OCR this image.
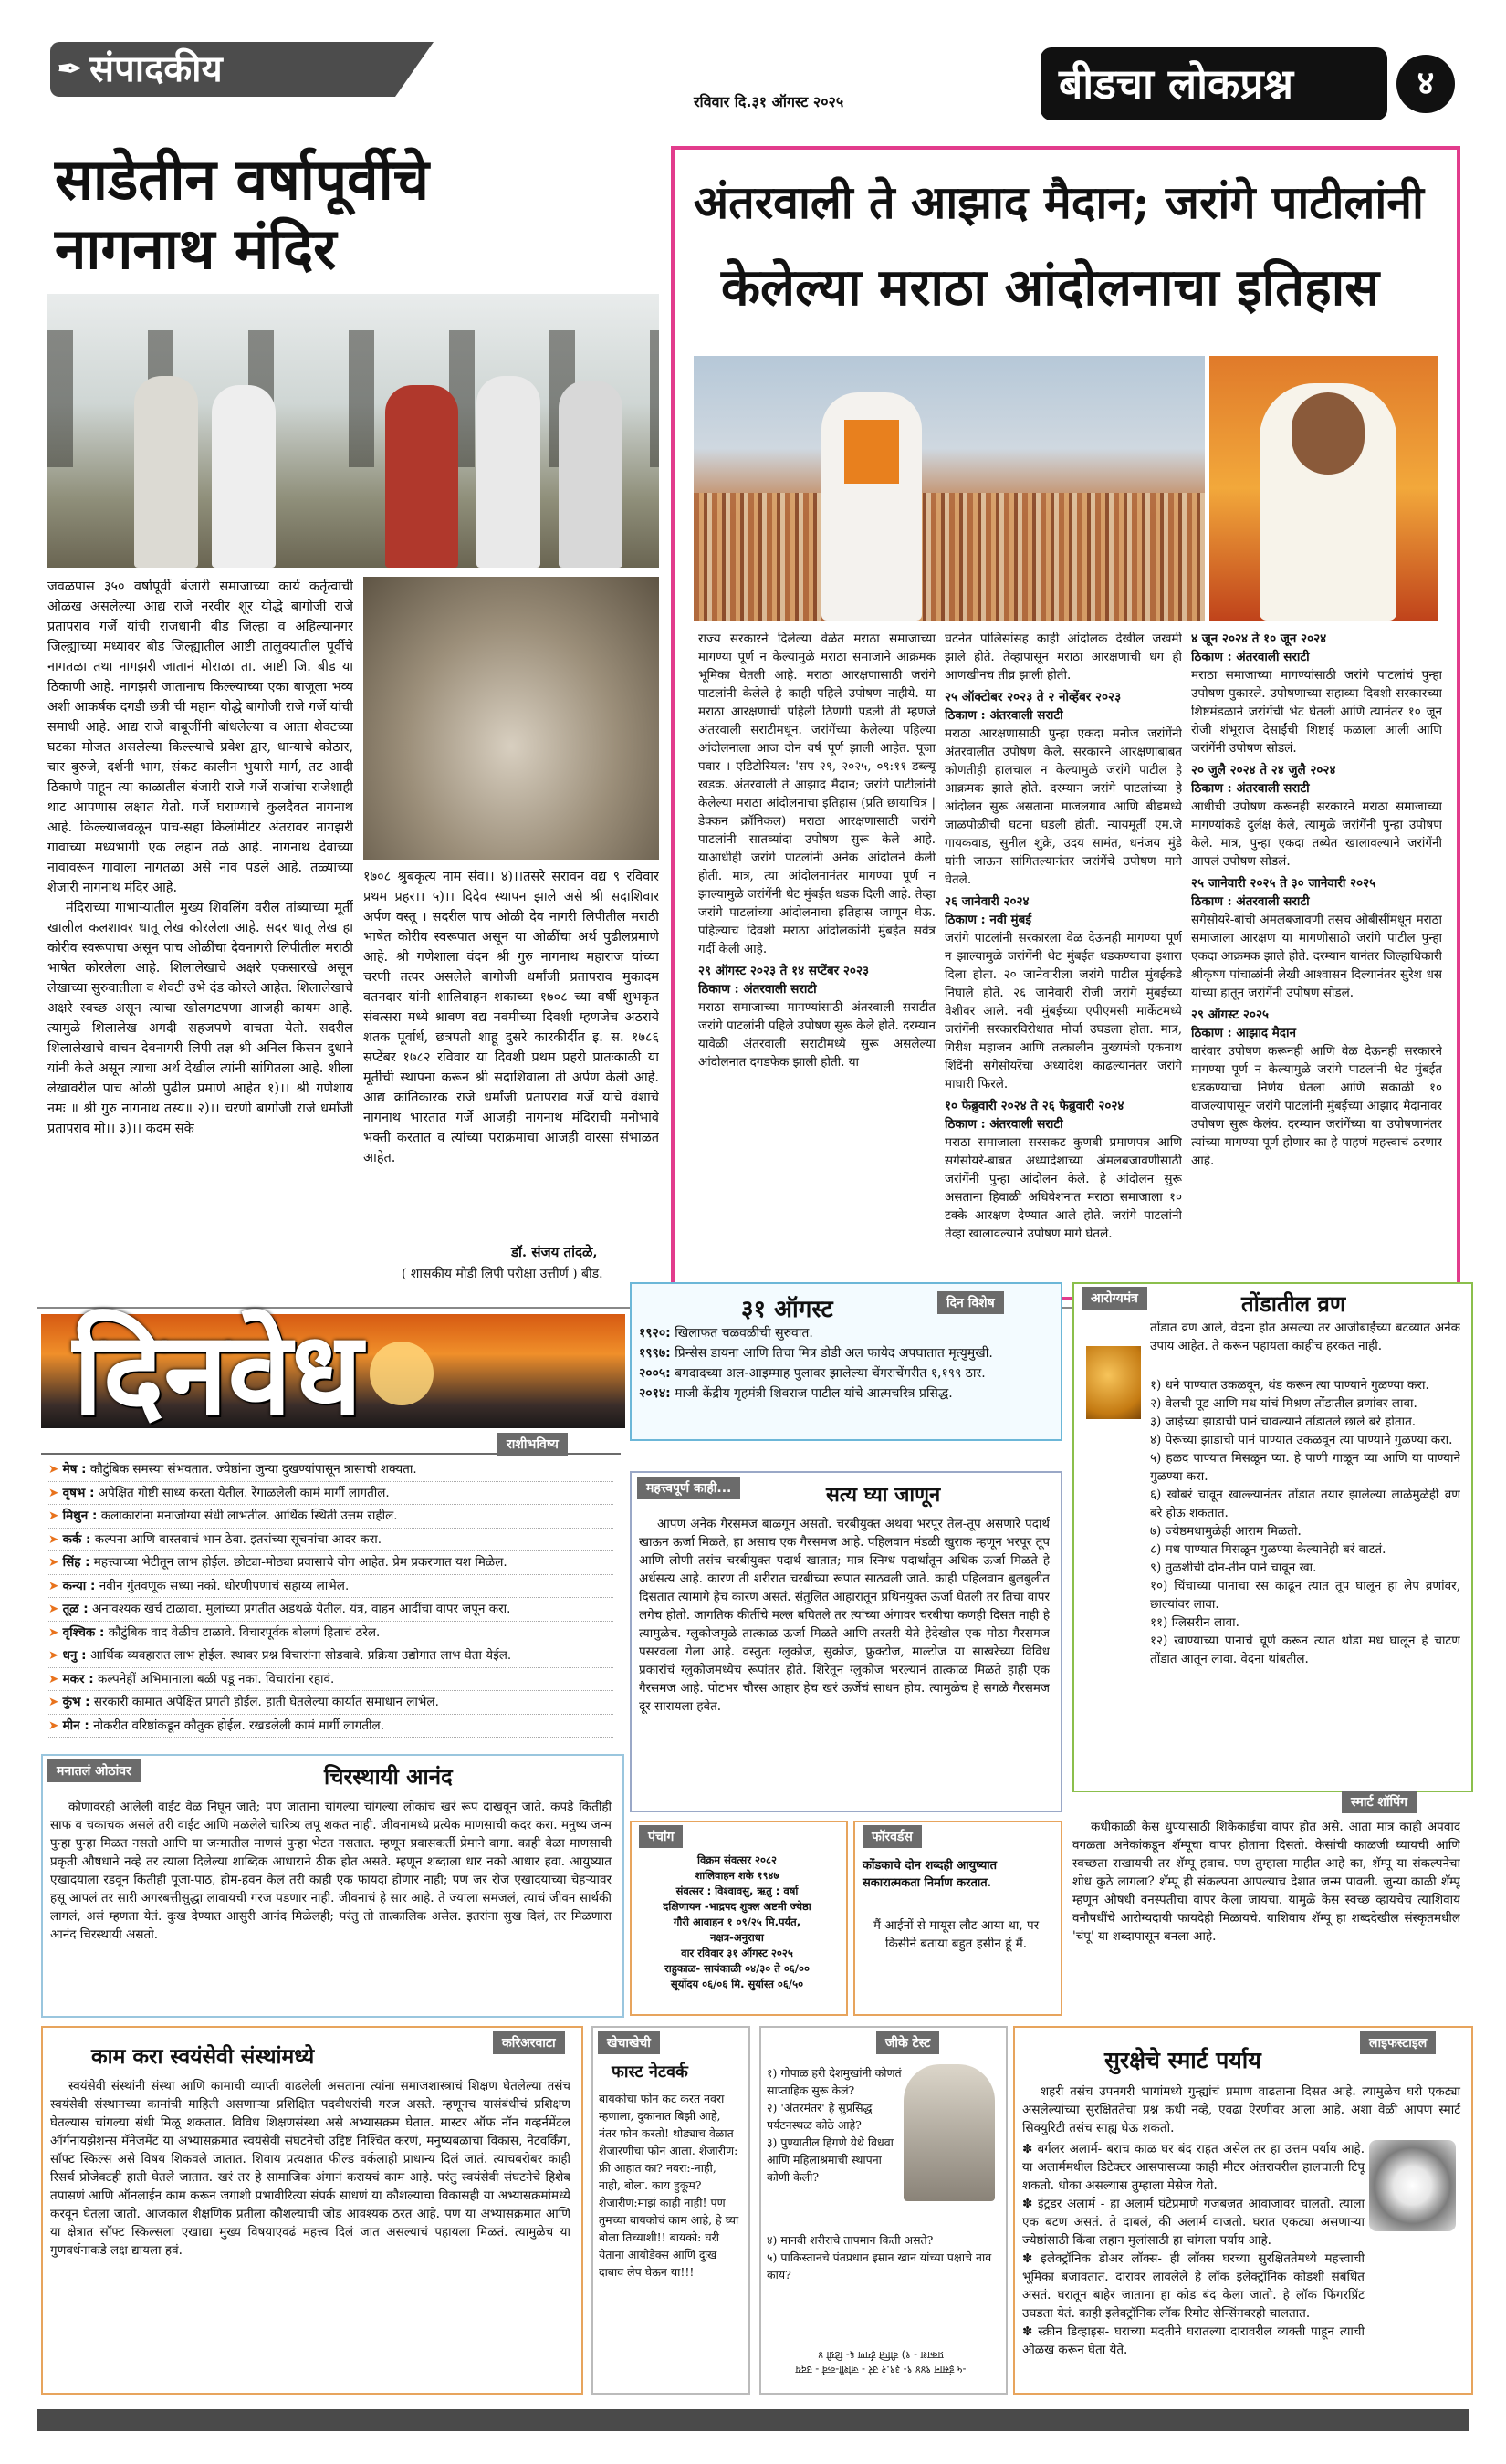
✒ संपादकीय
रविवार दि.३१ ऑगस्ट २०२५	बीडचा लोकप्रश्न	४
साडेतीन वर्षापूर्वीचे
नागनाथ मंदिर

जवळपास ३५० वर्षापूर्वी बंजारी समाजाच्या कार्य कर्तृत्वाची ओळख असलेल्या आद्य राजे नरवीर शूर योद्धे बागोजी राजे प्रतापराव गर्जे यांची राजधानी बीड जिल्हा व अहिल्यानगर जिल्ह्याच्या मध्यावर बीड जिल्ह्यातील आष्टी तालुक्यातील पूर्वीचे नागतळा तथा नागझरी जातानं मोराळा ता. आष्टी जि. बीड या ठिकाणी आहे. नागझरी जातानाच किल्ल्याच्या एका बाजूला भव्य अशी आकर्षक दगडी छत्री ची महान योद्धे बागोजी राजे गर्जे यांची समाधी आहे. आद्य राजे बाबूजींनी बांधलेल्या व आता शेवटच्या घटका मोजत असलेल्या किल्ल्याचे प्रवेश द्वार, धान्याचे कोठार, चार बुरुजे, दर्शनी भाग, संकट कालीन भुयारी मार्ग, तट आदी ठिकाणे पाहून त्या काळातील बंजारी राजे गर्जे राजांचा राजेशाही थाट आपणास लक्षात येतो. गर्जे घराण्याचे कुलदैवत नागनाथ आहे. किल्ल्याजवळून पाच-सहा किलोमीटर अंतरावर नागझरी गावाच्या मध्यभागी एक लहान तळे आहे. नागनाथ देवाच्या नावावरून गावाला नागतळा असे नाव पडले आहे. तळ्याच्या शेजारी नागनाथ मंदिर आहे.

मंदिराच्या गाभाऱ्यातील मुख्य शिवलिंग वरील तांब्याच्या मूर्ती खालील कलशावर धातू लेख कोरलेला आहे. सदर धातू लेख हा कोरीव स्वरूपाचा असून पाच ओळींचा देवनागरी लिपीतील मराठी भाषेत कोरलेला आहे. शिलालेखाचे अक्षरे एकसारखे असून लेखाच्या सुरुवातीला व शेवटी उभे दंड कोरले आहेत. शिलालेखाचे अक्षरे स्वच्छ असून त्याचा खोलगटपणा आजही कायम आहे. त्यामुळे शिलालेख अगदी सहजपणे वाचता येतो. सदरील शिलालेखाचे वाचन देवनागरी लिपी तज्ञ श्री अनिल किसन दुधाने यांनी केले असून त्याचा अर्थ देखील त्यांनी सांगितला आहे. शीला लेखावरील पाच ओळी पुढील प्रमाणे आहेत १)।। श्री गणेशाय नमः ॥ श्री गुरु नागनाथ तस्य॥ २)।। चरणी बागोजी राजे धर्मांजी प्रतापराव मो।। ३)।। कदम सके

१७०८ श्रुबकृत्य नाम संव।। ४)।।तसरे सरावन वद्य ९ रविवार प्रथम प्रहर।। ५)।। दिदेव स्थापन झाले असे श्री सदाशिवार अर्पण वस्तू । सदरील पाच ओळी देव नागरी लिपीतील मराठी भाषेत कोरीव स्वरूपात असून या ओळींचा अर्थ पुढीलप्रमाणे आहे. श्री गणेशाला वंदन श्री गुरु नागनाथ महाराज यांच्या चरणी तत्पर असलेले बागोजी धर्मांजी प्रतापराव मुकादम वतनदार यांनी शालिवाहन शकाच्या १७०८ च्या वर्षी शुभकृत संवत्सरा मध्ये श्रावण वद्य नवमीच्या दिवशी म्हणजेच अठराये शतक पूर्वार्ध, छत्रपती शाहू दुसरे कारकीर्दीत इ. स. १७८६ सप्टेंबर १७८२ रविवार या दिवशी प्रथम प्रहरी प्रातःकाळी या मूर्तीची स्थापना करून श्री सदाशिवाला ती अर्पण केली आहे. आद्य क्रांतिकारक राजे धर्मांजी प्रतापराव गर्जे यांचे वंशाचे नागनाथ भारतात गर्जे आजही नागनाथ मंदिराची मनोभावे भक्ती करतात व त्यांच्या पराक्रमाचा आजही वारसा संभाळत आहेत.

डॉ. संजय तांदळे,
( शासकीय मोडी लिपी परीक्षा उत्तीर्ण ) बीड.
अंतरवाली ते आझाद मैदान; जरांगे पाटीलांनी
केलेल्या मराठा आंदोलनाचा इतिहास

राज्य सरकारने दिलेल्या वेळेत मराठा समाजाच्या मागण्या पूर्ण न केल्यामुळे मराठा समाजाने आक्रमक भूमिका घेतली आहे. मराठा आरक्षणासाठी जरांगे पाटलांनी केलेले हे काही पहिले उपोषण नाहीये. या मराठा आरक्षणाची पहिली ठिणगी पडली ती म्हणजे अंतरवाली सराटीमधून. जरांगेंच्या केलेल्या पहिल्या आंदोलनाला आज दोन वर्षं पूर्ण झाली आहेत. पूजा पवार । एडिटोरियल: 'सप २९, २०२५, ०९:११ डब्ल्यू खडक. अंतरवाली ते आझाद मैदान; जरांगे पाटीलांनी केलेल्या मराठा आंदोलनाचा इतिहास (प्रति छायाचित्र | डेक्कन क्रॉनिकल) मराठा आरक्षणासाठी जरांगे पाटलांनी सातव्यांदा उपोषण सुरू केले आहे. याआधीही जरांगे पाटलांनी अनेक आंदोलने केली होती. मात्र, त्या आंदोलनानंतर मागण्या पूर्ण न झाल्यामुळे जरांगेंनी थेट मुंबईत धडक दिली आहे. तेव्हा जरांगे पाटलांच्या आंदोलनाचा इतिहास जाणून घेऊ. पहिल्याच दिवशी मराठा आंदोलकांनी मुंबईत सर्वत्र गर्दी केली आहे.

२९ ऑगस्ट २०२३ ते १४ सप्टेंबर २०२३

ठिकाण : अंतरवाली सराटी

मराठा समाजाच्या मागण्यांसाठी अंतरवाली सराटीत जरांगे पाटलांनी पहिले उपोषण सुरू केले होते. दरम्यान यावेळी अंतरवाली सराटीमध्ये सुरू असलेल्या आंदोलनात दगडफेक झाली होती. या

घटनेत पोलिसांसह काही आंदोलक देखील जखमी झाले होते. तेव्हापासून मराठा आरक्षणाची धग ही आणखीनच तीव्र झाली होती.

२५ ऑक्टोबर २०२३ ते २ नोव्हेंबर २०२३

ठिकाण : अंतरवाली सराटी

मराठा आरक्षणासाठी पुन्हा एकदा मनोज जरांगेंनी अंतरवालीत उपोषण केले. सरकारने आरक्षणाबाबत कोणतीही हालचाल न केल्यामुळे जरांगे पाटील हे आक्रमक झाले होते. दरम्यान जरांगे पाटलांच्या हे आंदोलन सुरू असताना माजलगाव आणि बीडमध्ये जाळपोळीची घटना घडली होती. न्यायमूर्ती एम.जे गायकवाड, सुनील शुक्रे, उदय सामंत, धनंजय मुंडे यांनी जाऊन सांगितल्यानंतर जरांगेंचे उपोषण मागे घेतले.

२६ जानेवारी २०२४

ठिकाण : नवी मुंबई

जरांगे पाटलांनी सरकारला वेळ देऊनही मागण्या पूर्ण न झाल्यामुळे जरांगेंनी थेट मुंबईत धडकण्याचा इशारा दिला होता. २० जानेवारीला जरांगे पाटील मुंबईकडे निघाले होते. २६ जानेवारी रोजी जरांगे मुंबईच्या वेशीवर आले. नवी मुंबईच्या एपीएमसी मार्केटमध्ये जरांगेंनी सरकारविरोधात मोर्चा उघडला होता. मात्र, गिरीश महाजन आणि तत्कालीन मुख्यमंत्री एकनाथ शिंदेंनी सगेसोयरेंचा अध्यादेश काढल्यानंतर जरांगे माघारी फिरले.

१० फेब्रुवारी २०२४ ते २६ फेब्रुवारी २०२४

ठिकाण : अंतरवाली सराटी

मराठा समाजाला सरसकट कुणबी प्रमाणपत्र आणि सगेसोयरे-बाबत अध्यादेशाच्या अंमलबजावणीसाठी जरांगेंनी पुन्हा आंदोलन केले. हे आंदोलन सुरू असताना हिवाळी अधिवेशनात मराठा समाजाला १० टक्के आरक्षण देण्यात आले होते. जरांगे पाटलांनी तेव्हा खालावल्याने उपोषण मागे घेतले.

४ जून २०२४ ते १० जून २०२४

ठिकाण : अंतरवाली सराटी

मराठा समाजाच्या मागण्यांसाठी जरांगे पाटलांचं पुन्हा उपोषण पुकारले. उपोषणाच्या सहाव्या दिवशी सरकारच्या शिष्टमंडळाने जरांगेंची भेट घेतली आणि त्यानंतर १० जून रोजी शंभूराज देसाईंची शिष्टाई फळाला आली आणि जरांगेंनी उपोषण सोडलं.

२० जुलै २०२४ ते २४ जुलै २०२४

ठिकाण : अंतरवाली सराटी

आधीची उपोषण करूनही सरकारने मराठा समाजाच्या मागण्यांकडे दुर्लक्ष केले, त्यामुळे जरांगेंनी पुन्हा उपोषण केले. मात्र, पुन्हा एकदा तब्येत खालावल्याने जरांगेंनी आपलं उपोषण सोडलं.

२५ जानेवारी २०२५ ते ३० जानेवारी २०२५

ठिकाण : अंतरवाली सराटी

सगेसोयरे-बांची अंमलबजावणी तसच ओबीसींमधून मराठा समाजाला आरक्षण या मागणीसाठी जरांगे पाटील पुन्हा एकदा आक्रमक झाले होते. दरम्यान यानंतर जिल्हाधिकारी श्रीकृष्ण पांचाळांनी लेखी आश्वासन दिल्यानंतर सुरेश धस यांच्या हातून जरांगेंनी उपोषण सोडलं.

२९ ऑगस्ट २०२५

ठिकाण : आझाद मैदान

वारंवार उपोषण करूनही आणि वेळ देऊनही सरकारने मागण्या पूर्ण न केल्यामुळे जरांगे पाटलांनी थेट मुंबईत धडकण्याचा निर्णय घेतला आणि सकाळी १० वाजल्यापासून जरांगे पाटलांनी मुंबईच्या आझाद मैदानावर उपोषण सुरू केलंय. दरम्यान जरांगेंच्या या उपोषणानंतर त्यांच्या मागण्या पूर्ण होणार का हे पाहणं महत्त्वाचं ठरणार आहे.

दिनवेध	३१ ऑगस्ट	दिन विशेष
१९२०: खिलाफत चळवळीची सुरुवात.
१९९७: प्रिन्सेस डायना आणि तिचा मित्र डोडी अल फायेद अपघातात मृत्युमुखी.
२००५: बगदादच्या अल-आइम्माह पुलावर झालेल्या चेंगराचेंगरीत १,१९९ ठार.
२०१४: माजी केंद्रीय गृहमंत्री शिवराज पाटील यांचे आत्मचरित्र प्रसिद्ध.
आरोग्यमंत्र	तोंडातील व्रण
तोंडात व्रण आले, वेदना होत असल्या तर आजीबाईंच्या बटव्यात अनेक उपाय आहेत. ते करून पहायला काहीच हरकत नाही.

१) धने पाण्यात उकळवून, थंड करून त्या पाण्याने गुळण्या करा.

२) वेलची पूड आणि मध यांचं मिश्रण तोंडातील व्रणांवर लावा.

३) जाईच्या झाडाची पानं चावल्याने तोंडातले छाले बरे होतात.

४) पेरूच्या झाडाची पानं पाण्यात उकळवून त्या पाण्याने गुळण्या करा.

५) हळद पाण्यात मिसळून प्या. हे पाणी गाळून प्या आणि या पाण्याने गुळण्या करा.

६) खोबरं चावून खाल्ल्यानंतर तोंडात तयार झालेल्या लाळेमुळेही व्रण बरे होऊ शकतात.

७) ज्येष्ठमधामुळेही आराम मिळतो.

८) मध पाण्यात मिसळून गुळण्या केल्यानेही बरं वाटतं.

९) तुळशीची दोन-तीन पाने चावून खा.

१०) चिंचाच्या पानाचा रस काढून त्यात तूप घालून हा लेप व्रणांवर, छाल्यांवर लावा.

११) ग्लिसरीन लावा.

१२) खाण्याच्या पानाचे चूर्ण करून त्यात थोडा मध घालून हे चाटण तोंडात आतून लावा. वेदना थांबतील.

राशीभविष्य
➤ मेष : कौटुंबिक समस्या संभवतात. ज्येष्ठांना जुन्या दुखण्यांपासून त्रासाची शक्यता.
➤ वृषभ : अपेक्षित गोष्टी साध्य करता येतील. रेंगाळलेली कामं मार्गी लागतील.
➤ मिथुन : कलाकारांना मनाजोग्या संधी लाभतील. आर्थिक स्थिती उत्तम राहील.
➤ कर्क : कल्पना आणि वास्तवाचं भान ठेवा. इतरांच्या सूचनांचा आदर करा.
➤ सिंह : महत्त्वाच्या भेटीतून लाभ होईल. छोट्या-मोठ्या प्रवासाचे योग आहेत. प्रेम प्रकरणात यश मिळेल.
➤ कन्या : नवीन गुंतवणूक सध्या नको. धोरणीपणाचं सहाय्य लाभेल.
➤ तूळ : अनावश्यक खर्च टाळावा. मुलांच्या प्रगतीत अडथळे येतील. यंत्र, वाहन आदींचा वापर जपून करा.
➤ वृश्चिक : कौटुंबिक वाद वेळीच टाळावे. विचारपूर्वक बोलणं हिताचं ठरेल.
➤ धनु : आर्थिक व्यवहारात लाभ होईल. स्थावर प्रश्न विचारांना सोडवावे. प्रक्रिया उद्योगात लाभ घेता येईल.
➤ मकर : कल्पनेहीं अभिमानाला बळी पडू नका. विचारांना रहावं.
➤ कुंभ : सरकारी कामात अपेक्षित प्रगती होईल. हाती घेतलेल्या कार्यात समाधान लाभेल.
➤ मीन : नोकरीत वरिष्ठांकडून कौतुक होईल. रखडलेली कामं मार्गी लागतील.
महत्त्वपूर्ण काही...	सत्य घ्या जाणून
आपण अनेक गैरसमज बाळगून असतो. चरबीयुक्त अथवा भरपूर तेल-तूप असणारे पदार्थ खाऊन ऊर्जा मिळते, हा असाच एक गैरसमज आहे. पहिलवान मंडळी खुराक म्हणून भरपूर तूप आणि लोणी तसंच चरबीयुक्त पदार्थ खातात; मात्र स्निग्ध पदार्थांतून अधिक ऊर्जा मिळते हे अर्धसत्य आहे. कारण ती शरीरात चरबीच्या रूपात साठवली जाते. काही पहिलवान बुलबुलीत दिसतात त्यामागे हेच कारण असतं. संतुलित आहारातून प्रथिनयुक्त ऊर्जा घेतली तर तिचा वापर लगेच होतो. जागतिक कीर्तीचे मल्ल बघितले तर त्यांच्या अंगावर चरबीचा कणही दिसत नाही हे त्यामुळेच. ग्लुकोजमुळे तात्काळ ऊर्जा मिळते आणि तरतरी येते हेदेखील एक मोठा गैरसमज पसरवला गेला आहे. वस्तुतः ग्लुकोज, सुक्रोज, फ्रुक्टोज, माल्टोज या साखरेच्या विविध प्रकारांचं ग्लुकोजमध्येच रूपांतर होते. शिरेतून ग्लुकोज भरल्यानं तात्काळ मिळते हाही एक गैरसमज आहे. पोटभर चौरस आहार हेच खरं ऊर्जेचं साधन होय. त्यामुळेच हे सगळे गैरसमज दूर सारायला हवेत.
मनातलं ओठांवर	चिरस्थायी आनंद
कोणावरही आलेली वाईट वेळ निघून जाते; पण जाताना चांगल्या चांगल्या लोकांचं खरं रूप दाखवून जाते. कपडे कितीही साफ व चकाचक असले तरी वाईट आणि मळलेले चारित्र्य लपू शकत नाही. जीवनामध्ये प्रत्येक माणसाची कदर करा. मनुष्य जन्म पुन्हा पुन्हा मिळत नसतो आणि या जन्मातील माणसं पुन्हा भेटत नसतात. म्हणून प्रवासकर्ती प्रेमाने वागा. काही वेळा माणसाची प्रकृती औषधाने नव्हे तर त्याला दिलेल्या शाब्दिक आधाराने ठीक होत असते. म्हणून शब्दाला धार नको आधार हवा. आयुष्यात एखादयाला रडवून कितीही पूजा-पाठ, होम-हवन केलं तरी काही एक फायदा होणार नाही; पण जर रोज एखादयाच्या चेहऱ्यावर हसू आपलं तर सारी अगरबत्तीसुद्धा लावायची गरज पडणार नाही. जीवनाचं हे सार आहे. ते ज्याला समजलं, त्याचं जीवन सार्थकी लागलं, असं म्हणता येतं. दुःख देण्यात आसुरी आनंद मिळेलही; परंतु तो तात्कालिक असेल. इतरांना सुख दिलं, तर मिळणारा आनंद चिरस्थायी असतो.
स्मार्ट शॉपिंग
कधीकाळी केस धुण्यासाठी शिकेकाईचा वापर होत असे. आता मात्र काही अपवाद वगळता अनेकांकडून शॅम्पूचा वापर होताना दिसतो. केसांची काळजी घ्यायची आणि स्वच्छता राखायची तर शॅम्पू हवाच. पण तुम्हाला माहीत आहे का, शॅम्पू या संकल्पनेचा शोध कुठे लागला? शॅम्पू ही संकल्पना आपल्याच देशात जन्म पावली. जुन्या काळी शॅम्पू म्हणून औषधी वनस्पतीचा वापर केला जायचा. यामुळे केस स्वच्छ व्हायचेच त्याशिवाय वनौषधींचे आरोग्यदायी फायदेही मिळायचे. याशिवाय शॅम्पू हा शब्ददेखील संस्कृतमधील 'चंपू' या शब्दापासून बनला आहे.
पंचांग
विक्रम संवत्सर २०८२
शालिवाहन शके १९४७
संवत्सर : विश्वावसु, ऋतु : वर्षा
दक्षिणायन -भाद्रपद शुक्ल अष्टमी ज्येष्ठा
गौरी आवाहन १ ०९/२५ मि.पर्यंत,
नक्षत्र-अनुराधा
वार रविवार ३१ ऑगस्ट २०२५
राहुकाळ- सायंकाळी ०४/३० ते ०६/००
सूर्योदय ०६/०६ मि. सुर्यास्त ०६/५०
फॉरवर्डस
कोंडकाचे दोन शब्दही आयुष्यात सकारात्मकता निर्माण करतात.
मैं आईनों से मायूस लौट आया था, पर किसीने बताया बहुत हसीन हूं मैं.
करिअरवाटा
काम करा स्वयंसेवी संस्थांमध्ये
स्वयंसेवी संस्थांनी संस्था आणि कामाची व्याप्ती वाढलेली असताना त्यांना समाजशास्त्राचं शिक्षण घेतलेल्या तसंच स्वयंसेवी संस्थानच्या कामांची माहिती असणाऱ्या प्रशिक्षित पदवीधरांची गरज असते. म्हणूनच यासंबंधीचं प्रशिक्षण घेतल्यास चांगल्या संधी मिळू शकतात. विविध शिक्षणसंस्था असे अभ्यासक्रम घेतात. मास्टर ऑफ नॉन गव्हर्नमेंटल ऑर्गनायझेशन्स मॅनेजमेंट या अभ्यासक्रमात स्वयंसेवी संघटनेची उद्दिष्टं निश्चित करणं, मनुष्यबळाचा विकास, नेटवर्किंग, सॉफ्ट स्किल्स असे विषय शिकवले जातात. शिवाय प्रत्यक्षात फील्ड वर्कलाही प्राधान्य दिलं जातं. त्याचबरोबर काही रिसर्च प्रोजेक्टही हाती घेतले जातात. खरं तर हे सामाजिक अंगानं करायचं काम आहे. परंतु स्वयंसेवी संघटनेचे हिशेब तपासणं आणि ऑनलाईन काम करून जगाशी प्रभावीरित्या संपर्क साधणं या कौशल्याचा विकासही या अभ्यासक्रमांमध्ये करवून घेतला जातो. आजकाल शैक्षणिक प्रतीला कौशल्याची जोड आवश्यक ठरत आहे. पण या अभ्यासक्रमात आणि या क्षेत्रात सॉफ्ट स्किल्सला एखाद्या मुख्य विषयाएवढं महत्त्व दिलं जात असल्याचं पहायला मिळतं. त्यामुळेच या गुणवर्धनाकडे लक्ष द्यायला हवं.
खेचाखेची
फास्ट नेटवर्क
बायकोचा फोन कट करत नवरा म्हणाला, दुकानात बिझी आहे, नंतर फोन करतो! थोड्याच वेळात शेजारणीचा फोन आला. शेजारीण: फ्री आहात का? नवरा:-नाही, नाही, बोला. काय हुकूम? शेजारीण:माझं काही नाही! पण तुमच्या बायकोचं काम आहे, हे घ्या बोला तिच्याशी!! बायको: घरी येताना आयोडेक्स आणि दुःख दाबाव लेप घेऊन या!!!
जीके टेस्ट

१) गोपाळ हरी देशमुखांनी कोणतं साप्ताहिक सुरू केलं?

२) 'अंतरमंतर' हे सुप्रसिद्ध पर्यटनस्थळ कोठे आहे?

३) पुण्यातील हिंगणे येथे विधवा आणि महिलाश्रमाची स्थापना कोणी केली?

४) मानवी शरीराचे तापमान किती असते?

५) पाकिस्तानचे पंतप्रधान इम्रान खान यांच्या पक्षाचे नाव काय?

-५ इंसान ९४४ ९- ३९.२ उरे - जोशी-कर्वे - उदय
प्रकाश - १) दीप्ति ईंगण ६- डिग्री ४
लाइफस्टाइल
सुरक्षेचे स्मार्ट पर्याय
शहरी तसंच उपनगरी भागांमध्ये गुन्ह्यांचं प्रमाण वाढताना दिसत आहे. त्यामुळेच घरी एकट्या असलेल्यांच्या सुरक्षिततेचा प्रश्न कधी नव्हे, एवढा ऐरणीवर आला आहे. अशा वेळी आपण स्मार्ट सिक्युरिटी तसंच साह्य घेऊ शकतो.

✽ बर्गलर अलार्म- बराच काळ घर बंद राहत असेल तर हा उत्तम पर्याय आहे. या अलार्ममधील डिटेक्टर आसपासच्या काही मीटर अंतरावरील हालचाली टिपू शकतो. धोका असल्यास तुम्हाला मेसेज येतो.

✽ इंट्रडर अलार्म - हा अलार्म घंटेप्रमाणे गजबजत आवाजावर चालतो. त्याला एक बटण असतं. ते दाबलं, की अलार्म वाजतो. घरात एकट्या असणाऱ्या ज्येष्ठांसाठी किंवा लहान मुलांसाठी हा चांगला पर्याय आहे.

✽ इलेक्ट्रॉनिक डोअर लॉक्स- ही लॉक्स घरच्या सुरक्षिततेमध्ये महत्त्वाची भूमिका बजावतात. दारावर लावलेले हे लॉक इलेक्ट्रॉनिक कोडशी संबंधित असतं. घरातून बाहेर जाताना हा कोड बंद केला जातो. हे लॉक फिंगरप्रिंट उघडता येतं. काही इलेक्ट्रॉनिक लॉक रिमोट सेन्सिंगवरही चालतात.

✽ स्क्रीन डिव्हाइस- घराच्या मदतीने घरातल्या दारावरील व्यक्ती पाहून त्याची ओळख करून घेता येते.
